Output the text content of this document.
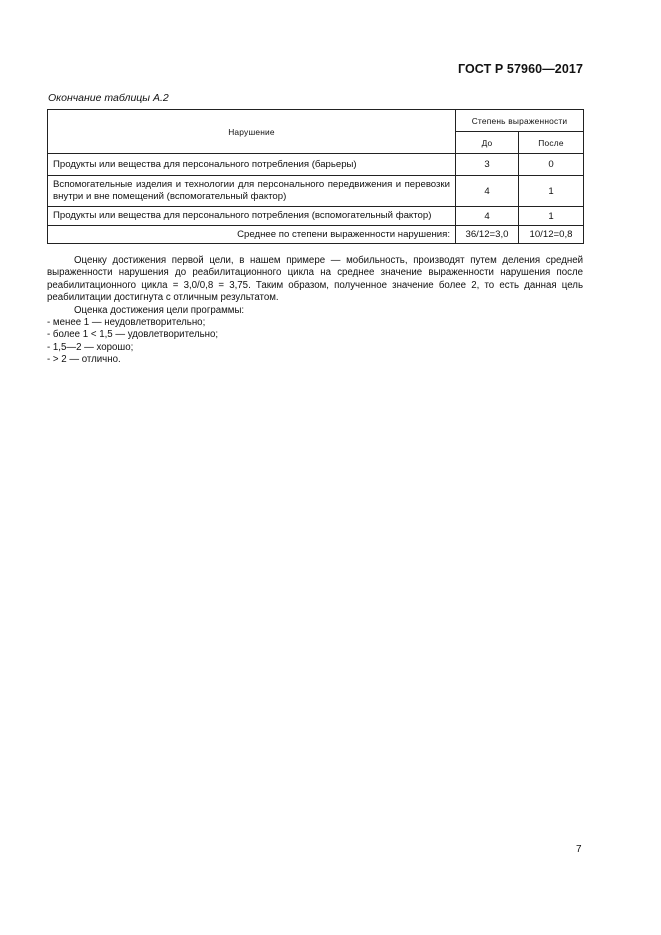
ГОСТ Р 57960—2017
Окончание таблицы А.2
Нарушение	Степень выраженности	
	До	После
Продукты или вещества для персонального потребления (барьеры)	3	0
Вспомогательные изделия и технологии для персонального передвижения и перевозки внутри и вне помещений (вспомогательный фактор)	4	1
Продукты или вещества для персонального потребления (вспомогательный фактор)	4	1
Среднее по степени выраженности нарушения:	36/12=3,0	10/12=0,8

Оценку достижения первой цели, в нашем примере — мобильность, производят путем деления средней выраженности нарушения до реабилитационного цикла на среднее значение выраженности нарушения после реабилитационного цикла = 3,0/0,8 = 3,75. Таким образом, полученное значение более 2, то есть данная цель реабилитации достигнута с отличным результатом.

Оценка достижения цели программы:

- менее 1 — неудовлетворительно;

- более 1 < 1,5 — удовлетворительно;

- 1,5—2 — хорошо;

- > 2 — отлично.

7
